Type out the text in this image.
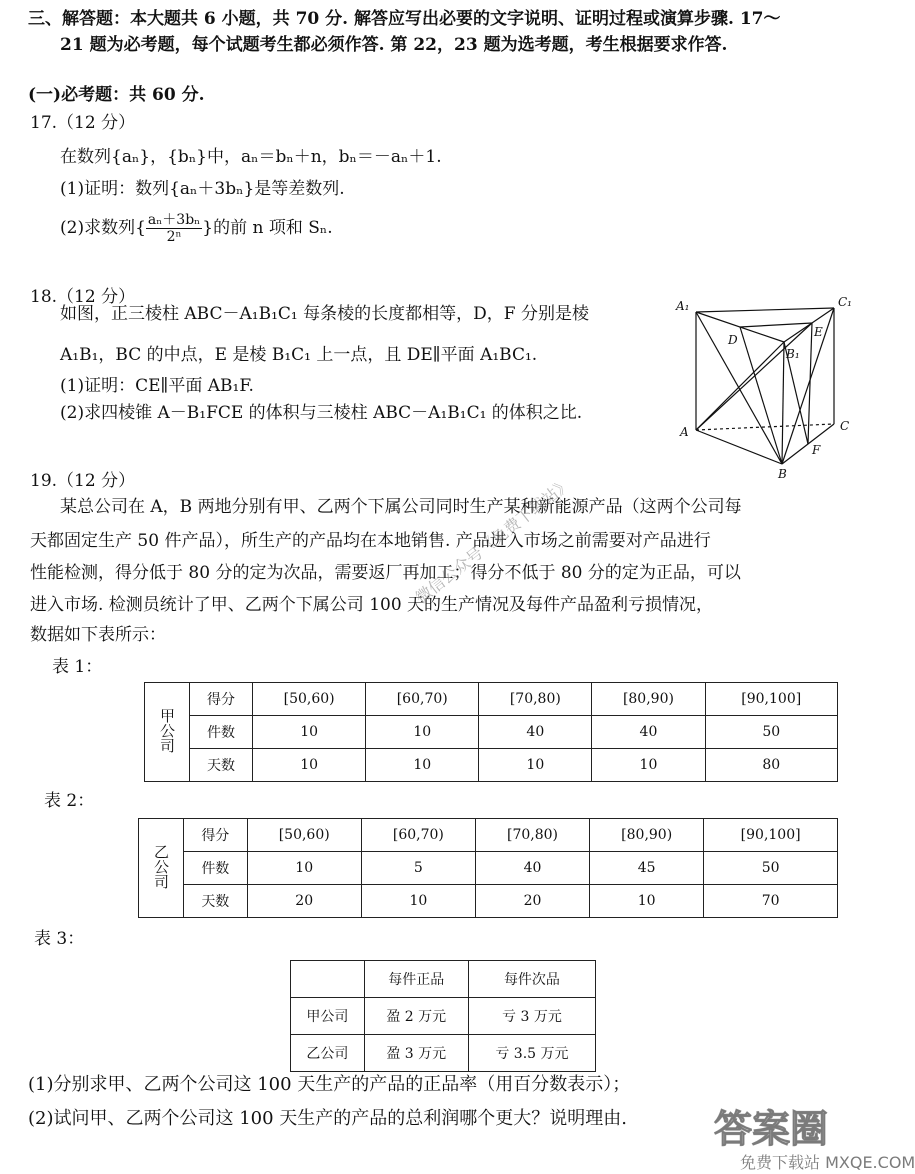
三、解答题：本大题共 6 小题，共 70 分. 解答应写出必要的文字说明、证明过程或演算步骤. 17～
21 题为必考题，每个试题考生都必须作答. 第 22，23 题为选考题，考生根据要求作答.
(一)必考题：共 60 分.
17.（12 分）
在数列{aₙ}，{bₙ}中，aₙ＝bₙ＋n，bₙ＝－aₙ＋1.
(1)证明：数列{aₙ＋3bₙ}是等差数列.
(2)求数列{ $\frac{\text{aₙ＋3bₙ}}{\text{2ⁿ}}$ }的前 n 项和 Sₙ.
18.（12 分）
如图，正三棱柱 ABC－A₁B₁C₁ 每条棱的长度都相等，D，F 分别是棱
A₁B₁，BC 的中点，E 是棱 B₁C₁ 上一点，且 DE∥平面 A₁BC₁.
(1)证明：CE∥平面 AB₁F.
(2)求四棱锥 A－B₁FCE 的体积与三棱柱 ABC－A₁B₁C₁ 的体积之比.
A₁	C₁
D
E
B₁
A	C
F
B
19.（12 分）
某总公司在 A，B 两地分别有甲、乙两个下属公司同时生产某种新能源产品（这两个公司每
天都固定生产 50 件产品），所生产的产品均在本地销售. 产品进入市场之前需要对产品进行
性能检测，得分低于 80 分的定为次品，需要返厂再加工；得分不低于 80 分的定为正品，可以
进入市场. 检测员统计了甲、乙两个下属公司 100 天的生产情况及每件产品盈利亏损情况，
数据如下表所示：
表 1：
甲公司	得分	[50,60)	[60,70)	[70,80)	[80,90)	[90,100]
	件数	10	10	40	40	50
	天数	10	10	10	10	80
表 2：
乙公司	得分	[50,60)	[60,70)	[70,80)	[80,90)	[90,100]
	件数	10	5	40	45	50
	天数	20	10	20	10	70
表 3：
	每件正品	每件次品
甲公司	盈 2 万元	亏 3 万元
乙公司	盈 3 万元	亏 3.5 万元
(1)分别求甲、乙两个公司这 100 天生产的产品的正品率（用百分数表示）；
(2)试问甲、乙两个公司这 100 天生产的产品的总利润哪个更大？说明理由.
微信公众号《免费下载站》
答案圈
免费下载站 MXQE.COM
